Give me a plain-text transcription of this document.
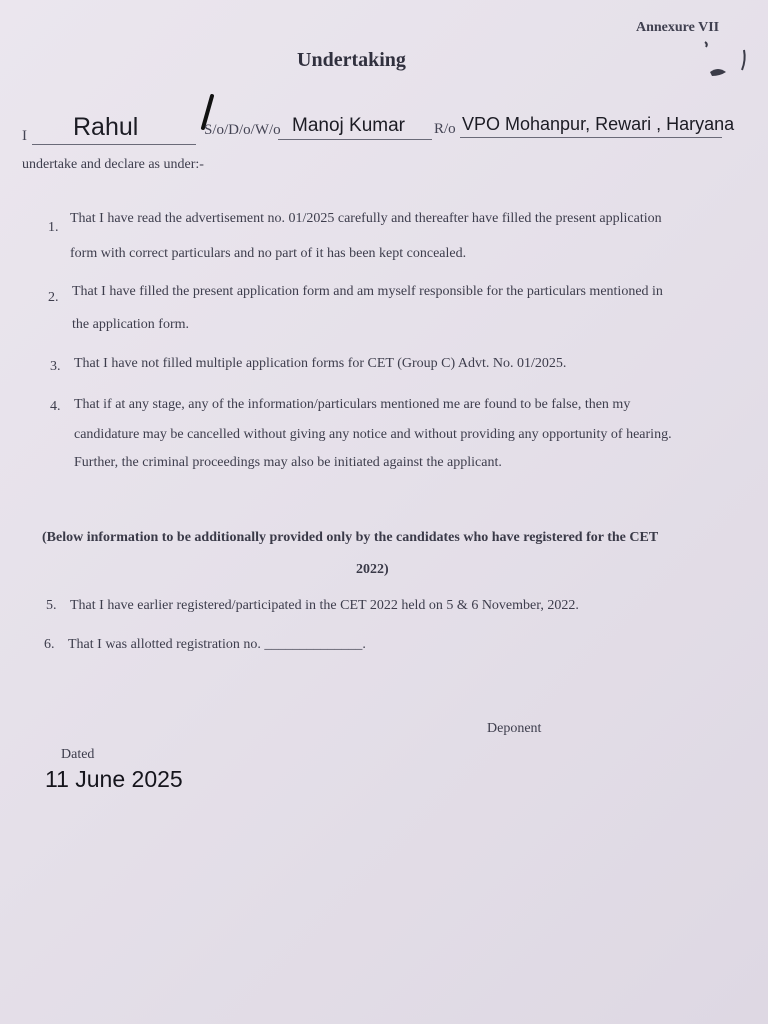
Annexure VII
Undertaking
I Rahul	S/o/D/o/W/o Manoj Kumar R/o VPO Mohanpur, Rewari , Haryana
undertake and declare as under:-
1.
That I have read the advertisement no. 01/2025 carefully and thereafter have filled the present application
form with correct particulars and no part of it has been kept concealed.
2. That I have filled the present application form and am myself responsible for the particulars mentioned in
the application form.
3. That I have not filled multiple application forms for CET (Group C) Advt. No. 01/2025.
4. That if at any stage, any of the information/particulars mentioned me are found to be false, then my
candidature may be cancelled without giving any notice and without providing any opportunity of hearing.
Further, the criminal proceedings may also be initiated against the applicant.
(Below information to be additionally provided only by the candidates who have registered for the CET
2022)
5. That I have earlier registered/participated in the CET 2022 held on 5 & 6 November, 2022.
6. That I was allotted registration no. ______________.
Deponent
Dated
11 June 2025
